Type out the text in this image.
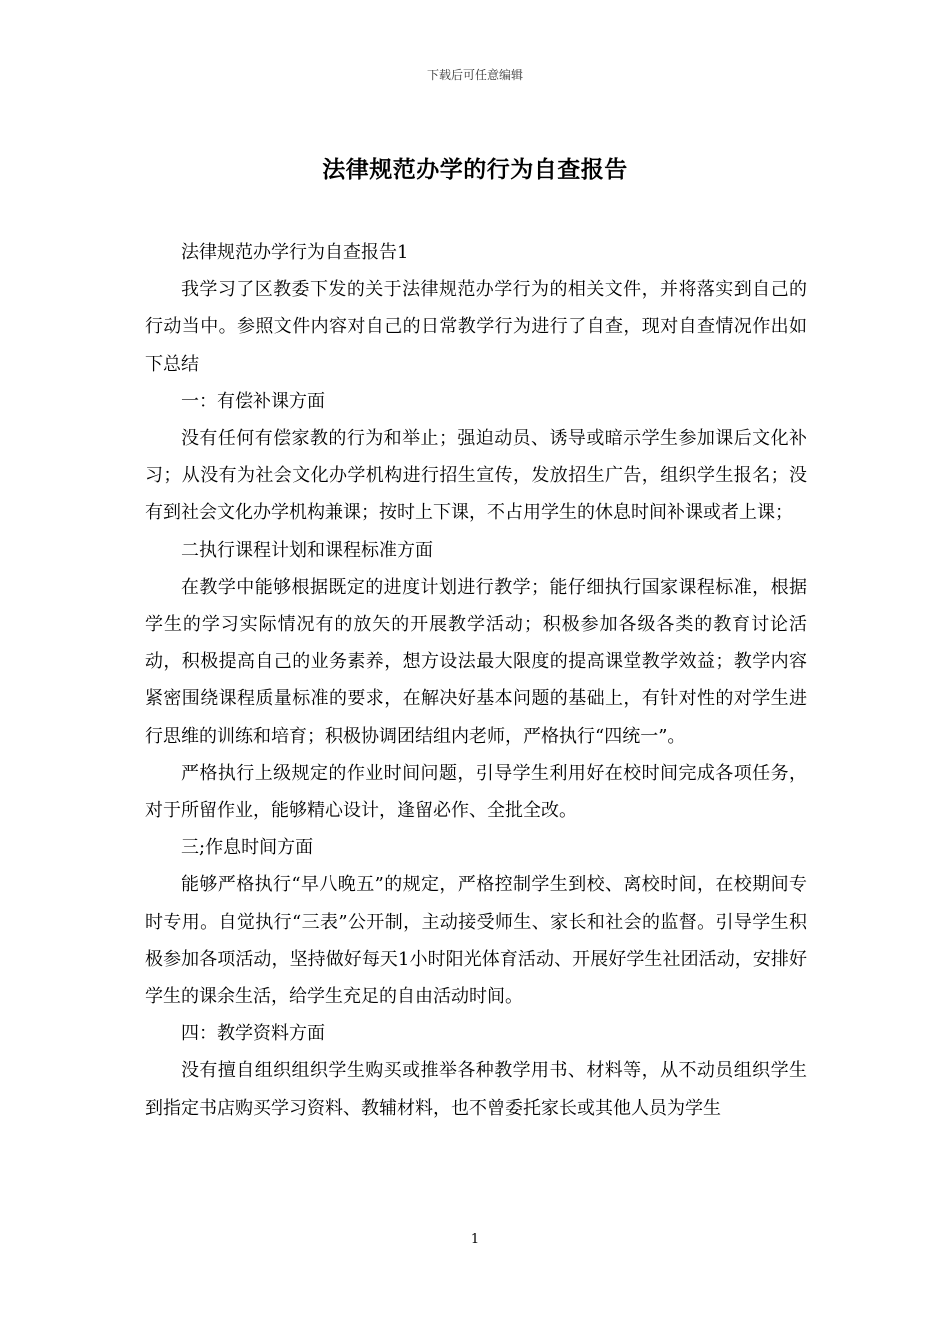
下载后可任意编辑
法律规范办学的行为自查报告

法律规范办学行为自查报告1

我学习了区教委下发的关于法律规范办学行为的相关文件，并将落实到自己的行动当中。参照文件内容对自己的日常教学行为进行了自查，现对自查情况作出如下总结

一：有偿补课方面

没有任何有偿家教的行为和举止；强迫动员、诱导或暗示学生参加课后文化补习；从没有为社会文化办学机构进行招生宣传，发放招生广告，组织学生报名；没有到社会文化办学机构兼课；按时上下课，不占用学生的休息时间补课或者上课；

二执行课程计划和课程标准方面

在教学中能够根据既定的进度计划进行教学；能仔细执行国家课程标准，根据学生的学习实际情况有的放矢的开展教学活动；积极参加各级各类的教育讨论活动，积极提高自己的业务素养，想方设法最大限度的提高课堂教学效益；教学内容紧密围绕课程质量标准的要求，在解决好基本问题的基础上，有针对性的对学生进行思维的训练和培育；积极协调团结组内老师，严格执行“四统一”。

严格执行上级规定的作业时间问题，引导学生利用好在校时间完成各项任务，对于所留作业，能够精心设计，逢留必作、全批全改。

三;作息时间方面

能够严格执行“早八晚五”的规定，严格控制学生到校、离校时间，在校期间专时专用。自觉执行“三表”公开制，主动接受师生、家长和社会的监督。引导学生积极参加各项活动，坚持做好每天1小时阳光体育活动、开展好学生社团活动，安排好学生的课余生活，给学生充足的自由活动时间。

四：教学资料方面

没有擅自组织组织学生购买或推举各种教学用书、材料等，从不动员组织学生到指定书店购买学习资料、教辅材料，也不曾委托家长或其他人员为学生

1
